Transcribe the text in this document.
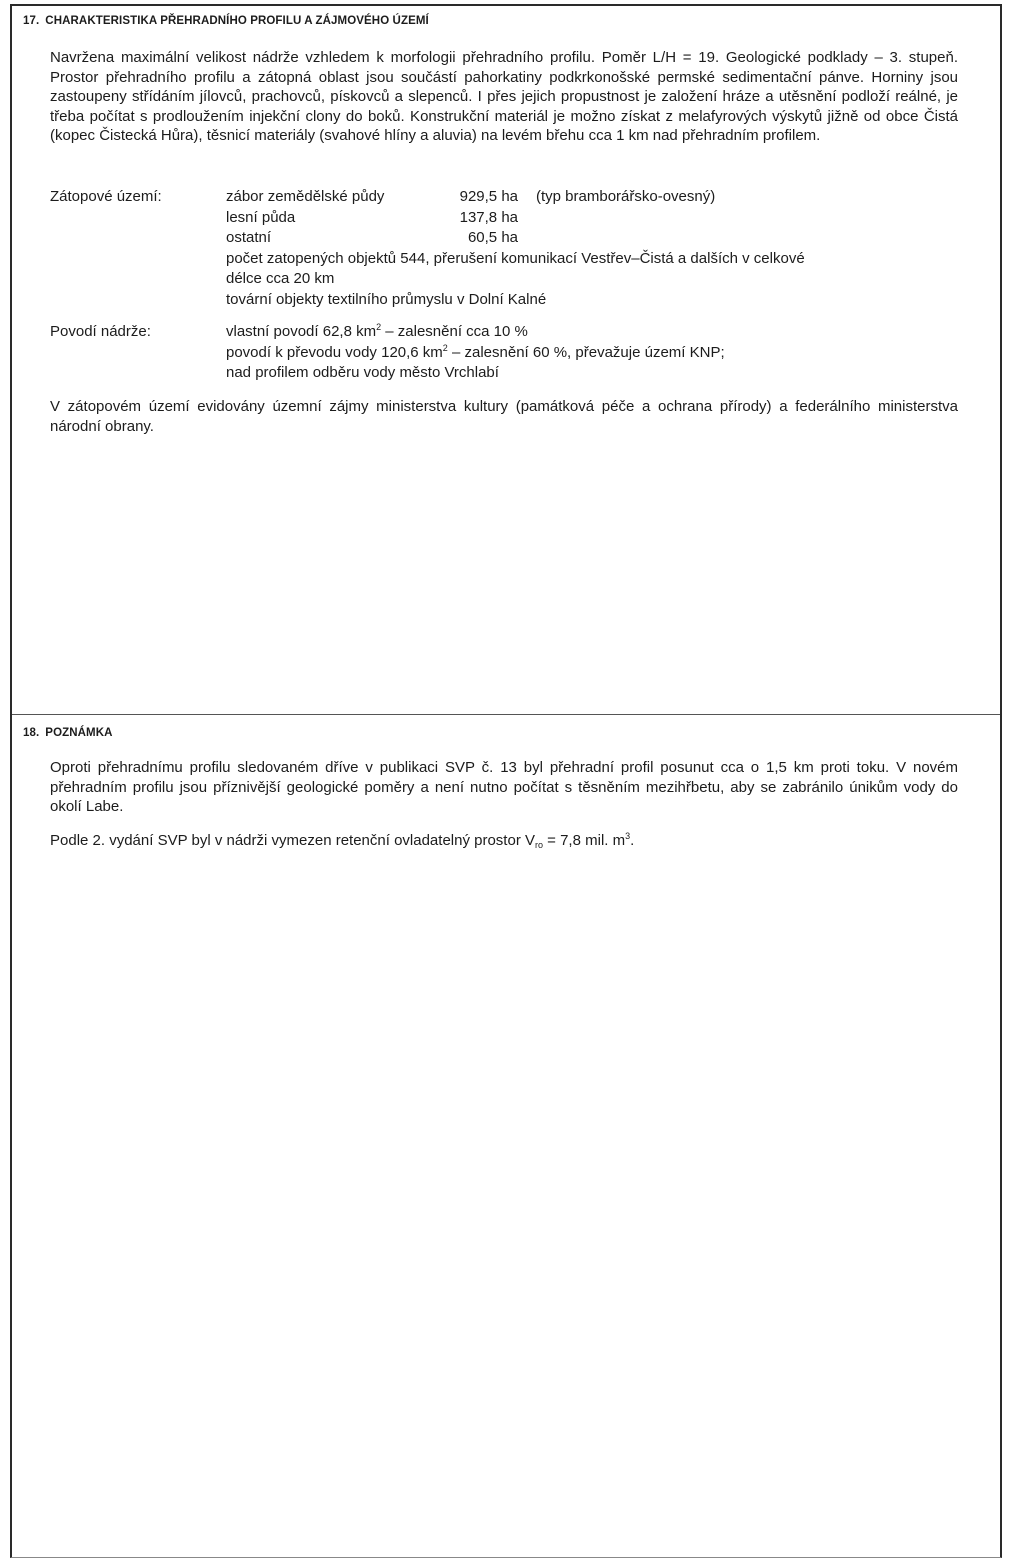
17. CHARAKTERISTIKA PŘEHRADNÍHO PROFILU A ZÁJMOVÉHO ÚZEMÍ
Navržena maximální velikost nádrže vzhledem k morfologii přehradního profilu. Poměr L/H = 19. Geologické podklady – 3. stupeň. Prostor přehradního profilu a zátopná oblast jsou součástí pahorkatiny podkrkonošské permské sedimentační pánve. Horniny jsou zastoupeny střídáním jílovců, prachovců, pískovců a slepenců. I přes jejich propustnost je založení hráze a utěsnění podloží reálné, je třeba počítat s prodloužením injekční clony do boků. Konstrukční materiál je možno získat z melafyrových výskytů jižně od obce Čistá (kopec Čistecká Hůra), těsnicí materiály (svahové hlíny a aluvia) na levém břehu cca 1 km nad přehradním profilem.
Zátopové území:	zábor zemědělské půdy	929,5 ha (typ bramborářsko-ovesný)
lesní půda	137,8 ha
ostatní	60,5 ha
počet zatopených objektů 544, přerušení komunikací Vestřev–Čistá a dalších v celkové
délce cca 20 km
tovární objekty textilního průmyslu v Dolní Kalné
Povodí nádrže:	vlastní povodí 62,8 $km^2$ – zalesnění cca 10 %
povodí k převodu vody 120,6 $km^2$ – zalesnění 60 %, převažuje území KNP;
nad profilem odběru vody město Vrchlabí
V zátopovém území evidovány územní zájmy ministerstva kultury (památková péče a ochrana přírody) a federálního ministerstva národní obrany.
18. POZNÁMKA
Oproti přehradnímu profilu sledovaném dříve v publikaci SVP č. 13 byl přehradní profil posunut cca o 1,5 km proti toku. V novém přehradním profilu jsou příznivější geologické poměry a není nutno počítat s těsněním mezihřbetu, aby se zabránilo únikům vody do okolí Labe.
Podle 2. vydání SVP byl v nádrži vymezen retenční ovladatelný prostor $V_{ro} = 7,8$ mil. $m^3$.
